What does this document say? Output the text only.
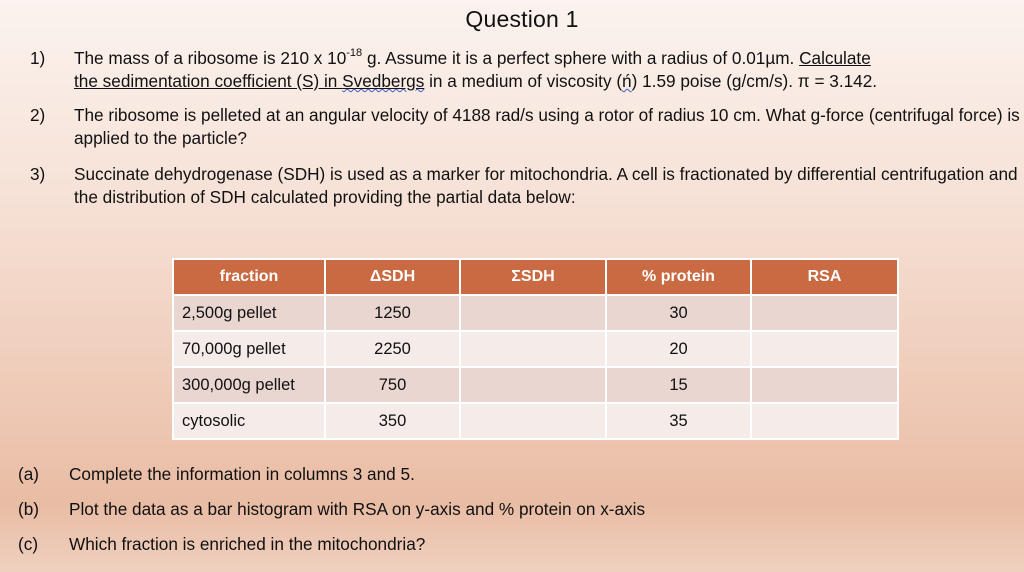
Question 1
1) The mass of a ribosome is 210 x $10^{-18}$ g. Assume it is a perfect sphere with a radius of 0.01µm. Calculate
the sedimentation coefficient (S) in Svedbergs in a medium of viscosity (ń) 1.59 poise (g/cm/s). π = 3.142.
2) The ribosome is pelleted at an angular velocity of 4188 rad/s using a rotor of radius 10 cm. What g-force (centrifugal force) is applied to the particle?
3) Succinate dehydrogenase (SDH) is used as a marker for mitochondria. A cell is fractionated by differential centrifugation and the distribution of SDH calculated providing the partial data below:
fraction	ΔSDH	ΣSDH	% protein	RSA
2,500g pellet	1250		30	
70,000g pellet	2250		20	
300,000g pellet	750		15	
cytosolic	350		35	
(a) Complete the information in columns 3 and 5.
(b) Plot the data as a bar histogram with RSA on y-axis and % protein on x-axis
(c) Which fraction is enriched in the mitochondria?
